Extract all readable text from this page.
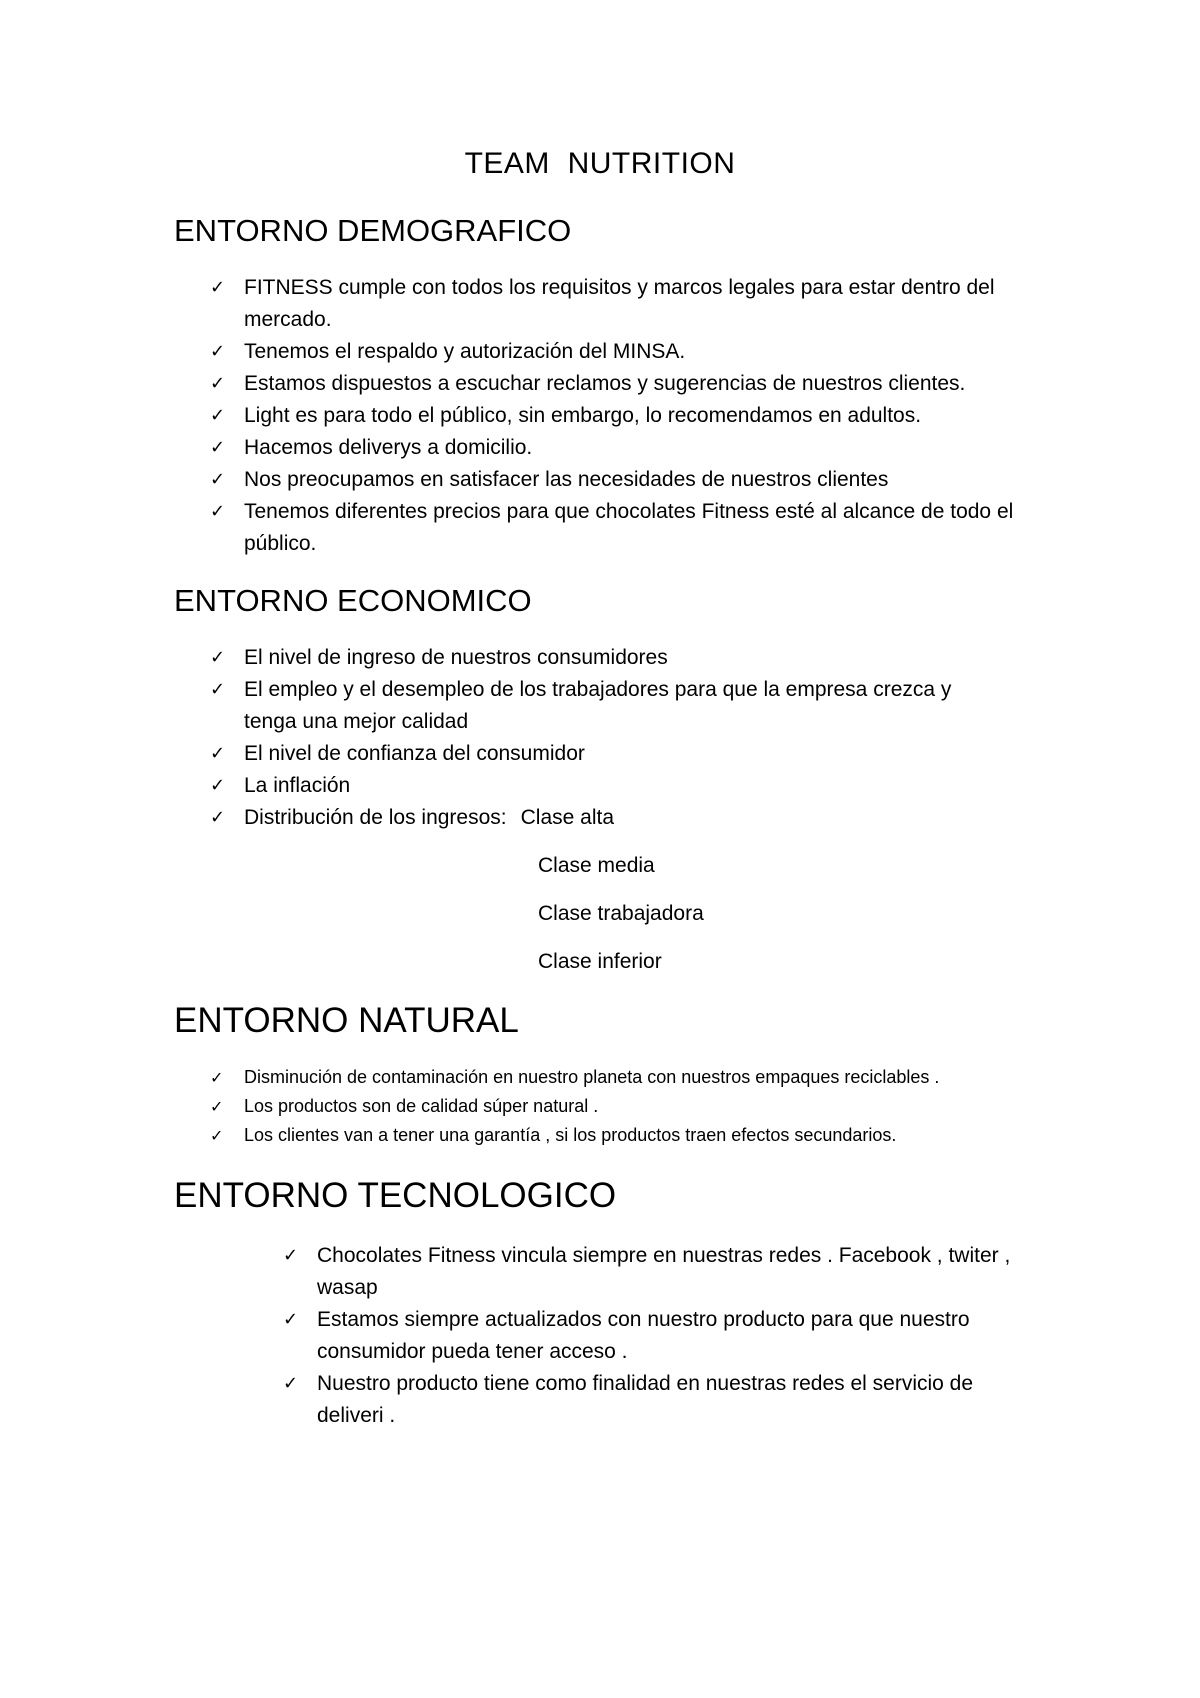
TEAM  NUTRITION
ENTORNO DEMOGRAFICO
✓ FITNESS cumple con todos los requisitos y marcos legales para estar dentro del mercado.
✓ Tenemos el respaldo y autorización del MINSA.
✓ Estamos dispuestos a escuchar reclamos y sugerencias de nuestros clientes.
✓ Light es para todo el público, sin embargo, lo recomendamos en adultos.
✓ Hacemos deliverys a domicilio.
✓ Nos preocupamos en satisfacer las necesidades de nuestros clientes
✓ Tenemos diferentes precios para que chocolates Fitness esté al alcance de todo el público.
ENTORNO ECONOMICO
✓ El nivel de ingreso de nuestros consumidores
✓ El empleo y el desempleo de los trabajadores para que la empresa crezca y tenga una mejor calidad
✓ El nivel de confianza del consumidor
✓ La inflación
✓ Distribución de los ingresos: Clase alta
Clase media
Clase trabajadora
Clase inferior
ENTORNO NATURAL
✓ Disminución de contaminación en nuestro planeta con nuestros empaques reciclables .
✓ Los productos son de calidad súper natural .
✓ Los clientes van a tener una garantía , si los productos traen efectos secundarios.
ENTORNO TECNOLOGICO
✓ Chocolates Fitness vincula siempre en nuestras redes . Facebook , twiter , wasap
✓ Estamos siempre actualizados con nuestro producto para que nuestro consumidor pueda tener acceso .
✓ Nuestro producto tiene como finalidad en nuestras redes el servicio de deliveri .
